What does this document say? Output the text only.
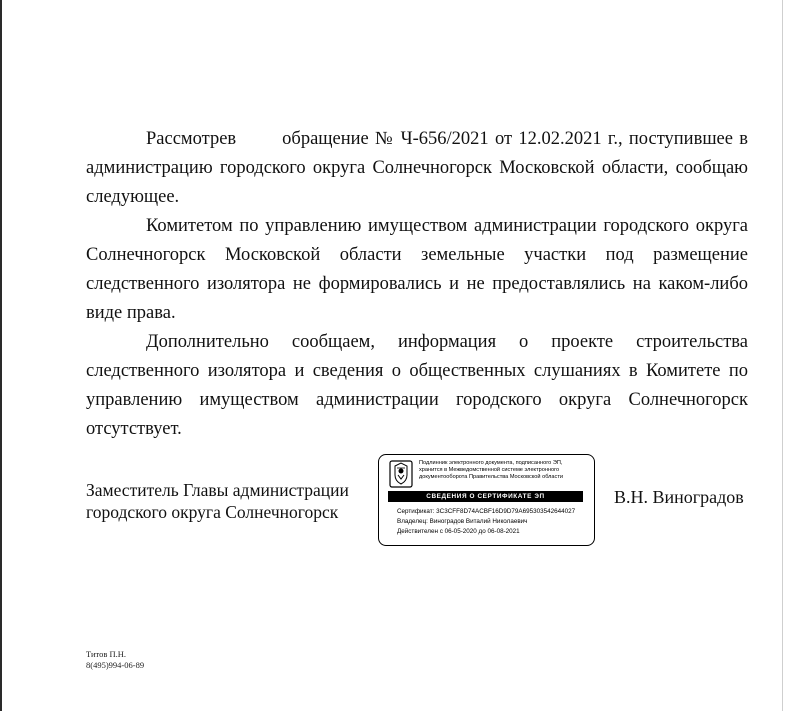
Рассмотрев обращение № Ч-656/2021 от 12.02.2021 г., поступившее в администрацию городского округа Солнечногорск Московской области, сообщаю следующее.

Комитетом по управлению имуществом администрации городского округа Солнечногорск Московской области земельные участки под размещение следственного изолятора не формировались и не предоставлялись на каком-либо виде права.

Дополнительно сообщаем, информация о проекте строительства следственного изолятора и сведения о общественных слушаниях в Комитете по управлению имуществом администрации городского округа Солнечногорск отсутствует.

Заместитель Главы администрации
городского округа Солнечногорск
Подлинник электронного документа, подписанного ЭП,
хранится в Межведомственной системе электронного
документооборота Правительства Московской области
СВЕДЕНИЯ О СЕРТИФИКАТЕ ЭП
Сертификат: 3C3CFF8D74ACBF16D9D79A695303542644027
Владелец: Виноградов Виталий Николаевич
Действителен с 06-05-2020 до 06-08-2021
В.Н. Виноградов
Титов П.Н.
8(495)994-06-89
